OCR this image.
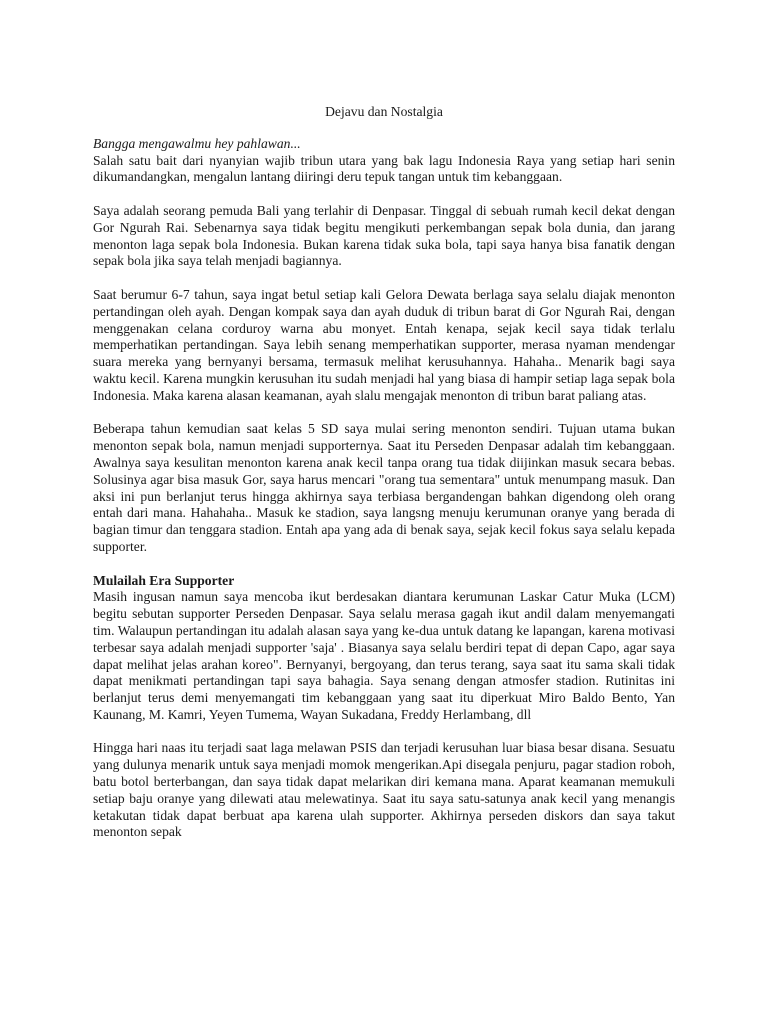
Dejavu dan Nostalgia
Bangga mengawalmu hey pahlawan...

Salah satu bait dari nyanyian wajib tribun utara yang bak lagu Indonesia Raya yang setiap hari senin dikumandangkan, mengalun lantang diiringi deru tepuk tangan untuk tim kebanggaan.

Saya adalah seorang pemuda Bali yang terlahir di Denpasar. Tinggal di sebuah rumah kecil dekat dengan Gor Ngurah Rai. Sebenarnya saya tidak begitu mengikuti perkembangan sepak bola dunia, dan jarang menonton laga sepak bola Indonesia. Bukan karena tidak suka bola, tapi saya hanya bisa fanatik dengan sepak bola jika saya telah menjadi bagiannya.

Saat berumur 6-7 tahun, saya ingat betul setiap kali Gelora Dewata berlaga saya selalu diajak menonton pertandingan oleh ayah. Dengan kompak saya dan ayah duduk di tribun barat di Gor Ngurah Rai, dengan menggenakan celana corduroy warna abu monyet. Entah kenapa, sejak kecil saya tidak terlalu memperhatikan pertandingan. Saya lebih senang memperhatikan supporter, merasa nyaman mendengar suara mereka yang bernyanyi bersama, termasuk melihat kerusuhannya. Hahaha.. Menarik bagi saya waktu kecil. Karena mungkin kerusuhan itu sudah menjadi hal yang biasa di hampir setiap laga sepak bola Indonesia. Maka karena alasan keamanan, ayah slalu mengajak menonton di tribun barat paliang atas.

Beberapa tahun kemudian saat kelas 5 SD saya mulai sering menonton sendiri. Tujuan utama bukan menonton sepak bola, namun menjadi supporternya. Saat itu Perseden Denpasar adalah tim kebanggaan. Awalnya saya kesulitan menonton karena anak kecil tanpa orang tua tidak diijinkan masuk secara bebas. Solusinya agar bisa masuk Gor, saya harus mencari "orang tua sementara" untuk menumpang masuk. Dan aksi ini pun berlanjut terus hingga akhirnya saya terbiasa bergandengan bahkan digendong oleh orang entah dari mana. Hahahaha.. Masuk ke stadion, saya langsng menuju kerumunan oranye yang berada di bagian timur dan tenggara stadion. Entah apa yang ada di benak saya, sejak kecil fokus saya selalu kepada supporter.

Mulailah Era Supporter

Masih ingusan namun saya mencoba ikut berdesakan diantara kerumunan Laskar Catur Muka (LCM) begitu sebutan supporter Perseden Denpasar. Saya selalu merasa gagah ikut andil dalam menyemangati tim. Walaupun pertandingan itu adalah alasan saya yang ke-dua untuk datang ke lapangan, karena motivasi terbesar saya adalah menjadi supporter 'saja' . Biasanya saya selalu berdiri tepat di depan Capo, agar saya dapat melihat jelas arahan koreo". Bernyanyi, bergoyang, dan terus terang, saya saat itu sama skali tidak dapat menikmati pertandingan tapi saya bahagia. Saya senang dengan atmosfer stadion. Rutinitas ini berlanjut terus demi menyemangati tim kebanggaan yang saat itu diperkuat Miro Baldo Bento, Yan Kaunang, M. Kamri, Yeyen Tumema, Wayan Sukadana, Freddy Herlambang, dll

Hingga hari naas itu terjadi saat laga melawan PSIS dan terjadi kerusuhan luar biasa besar disana. Sesuatu yang dulunya menarik untuk saya menjadi momok mengerikan.Api disegala penjuru, pagar stadion roboh, batu botol berterbangan, dan saya tidak dapat melarikan diri kemana mana. Aparat keamanan memukuli setiap baju oranye yang dilewati atau melewatinya. Saat itu saya satu-satunya anak kecil yang menangis ketakutan tidak dapat berbuat apa karena ulah supporter. Akhirnya perseden diskors dan saya takut menonton sepak
